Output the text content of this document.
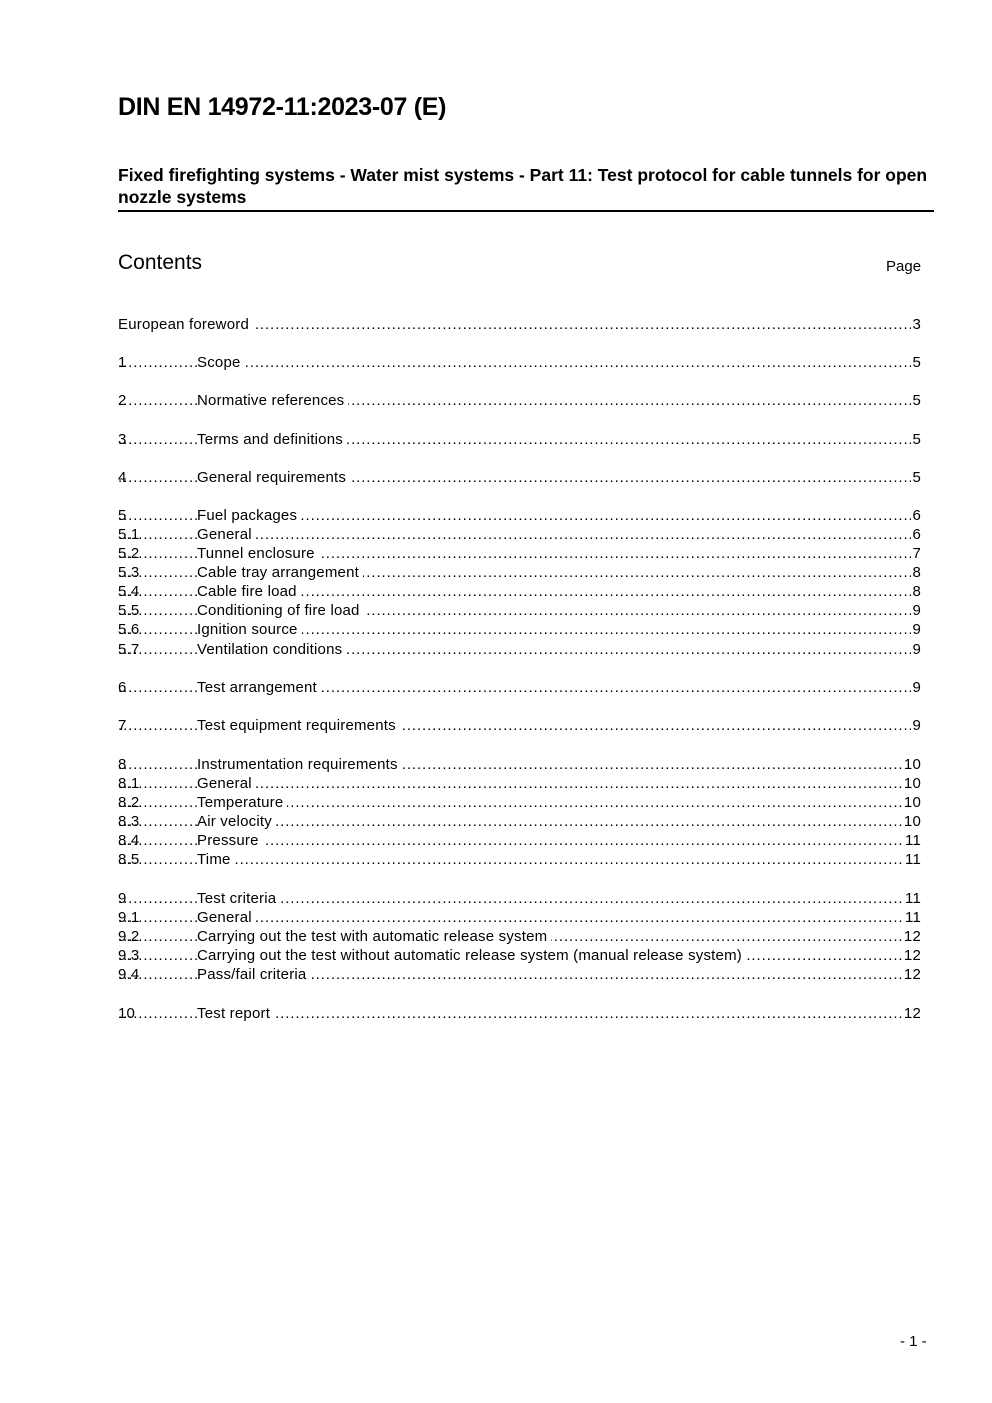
DIN EN 14972-11:2023-07 (E)
Fixed firefighting systems - Water mist systems - Part 11: Test protocol for cable tunnels for open nozzle systems
Contents	Page
.....
European foreword	3
.....
1	Scope	5
.....
2	Normative references	5
.....
3	Terms and definitions	5
.....
4	General requirements	5
.....
5	Fuel packages	6
.....
5.1	General	6
.....
5.2	Tunnel enclosure	7
.....
5.3	Cable tray arrangement	8
.....
5.4	Cable fire load	8
.....
5.5	Conditioning of fire load	9
.....
5.6	Ignition source	9
.....
5.7	Ventilation conditions	9
.....
6	Test arrangement	9
.....
7	Test equipment requirements	9
.....
8	Instrumentation requirements	10
.....
8.1	General	10
.....
8.2	Temperature	10
.....
8.3	Air velocity	10
.....
8.4	Pressure	11
.....
8.5	Time	11
.....
9	Test criteria	11
.....
9.1	General	11
.....
9.2	Carrying out the test with automatic release system	12
.....
9.3	Carrying out the test without automatic release system (manual release system)	12
.....
9.4	Pass/fail criteria	12
.....
10	Test report	12
- 1 -
